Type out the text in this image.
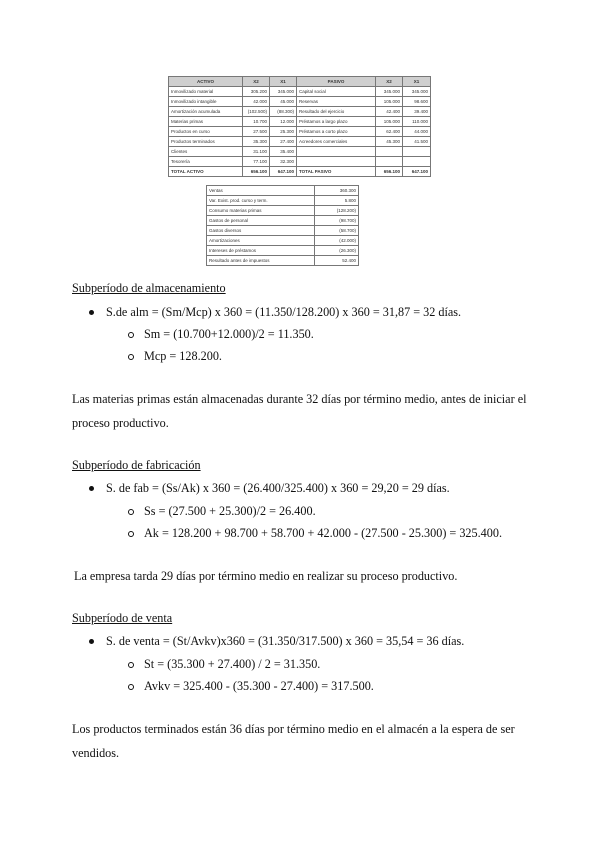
ACTIVO	X2	X1	PASIVO	X2	X1
Inmovilizado material	305.200	345.000	Capital social	345.000	345.000
Inmovilizado intangible	42.000	45.000	Reservas	105.000	98.600
Amortización acumulada	(102.500)	(88.300)	Resultado del ejercicio	42.400	39.400
Materias primas	10.700	12.000	Préstamos a largo plazo	105.000	110.000
Productos en curso	27.500	25.300	Préstamos a corto plazo	62.400	44.000
Productos terminados	35.300	27.400	Acreedores comerciales	45.300	41.500
Clientes	31.100	35.400			
Tesorería	77.100	32.300			
TOTAL ACTIVO	656.100	647.100	TOTAL PASIVO	656.100	647.100
Ventas	360.300
Var. Exist. prod. curso y term.	5.800
Consumo materias primas	(128.200)
Gastos de personal	(98.700)
Gastos diversos	(58.700)
Amortizaciones	(42.000)
Intereses de préstamos	(26.300)
Resultado antes de impuestos	52.400
Subperíodo de almacenamiento
S.de alm = (Sm/Mcp) x 360 = (11.350/128.200) x 360 = 31,87 = 32 días.
Sm = (10.700+12.000)/2 = 11.350.
Mcp = 128.200.
Las materias primas están almacenadas durante 32 días por término medio, antes de iniciar el
proceso productivo.
Subperíodo de fabricación
S. de fab = (Ss/Ak) x 360 = (26.400/325.400) x 360 = 29,20 = 29 días.
Ss = (27.500 + 25.300)/2 = 26.400.
Ak = 128.200 + 98.700 + 58.700 + 42.000 - (27.500 - 25.300) = 325.400.
La empresa tarda 29 días por término medio en realizar su proceso productivo.
Subperíodo de venta
S. de venta = (St/Avkv)x360 = (31.350/317.500) x 360 = 35,54 = 36 días.
St = (35.300 + 27.400) / 2 = 31.350.
Avkv = 325.400 - (35.300 - 27.400) = 317.500.
Los productos terminados están 36 días por término medio en el almacén a la espera de ser
vendidos.
